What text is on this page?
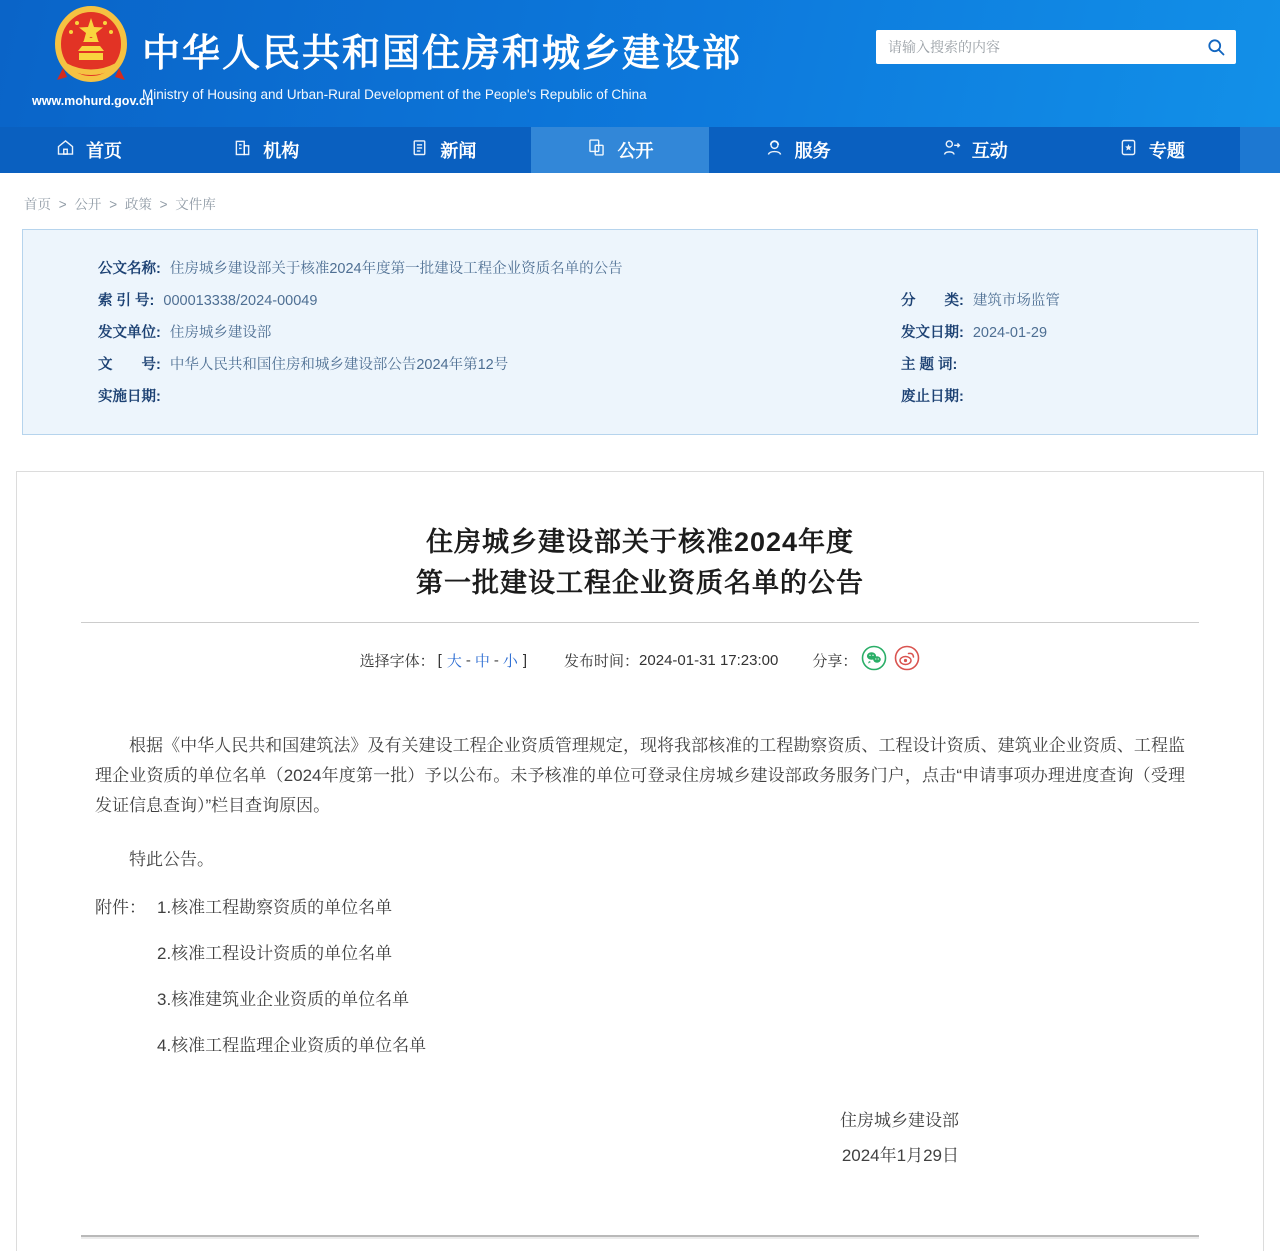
www.mohurd.gov.cn
中华人民共和国住房和城乡建设部
Ministry of Housing and Urban-Rural Development of the People's Republic of China
请输入搜索的内容
首页	机构	新闻	公开	服务	互动	专题
首页 > 公开 > 政策 > 文件库
公文名称: 住房城乡建设部关于核准2024年度第一批建设工程企业资质名单的公告
索 引 号: 000013338/2024-00049
发文单位: 住房城乡建设部
文　　号: 中华人民共和国住房和城乡建设部公告2024年第12号
实施日期:
分　　类: 建筑市场监管
发文日期: 2024-01-29
主 题 词:
废止日期:
住房城乡建设部关于核准2024年度
第一批建设工程企业资质名单的公告
选择字体： [ 大 - 中 - 小 ] 发布时间： 2024-01-31 17:23:00 分享：

根据《中华人民共和国建筑法》及有关建设工程企业资质管理规定，现将我部核准的工程勘察资质、工程设计资质、建筑业企业资质、工程监理企业资质的单位名单（2024年度第一批）予以公布。未予核准的单位可登录住房城乡建设部政务服务门户，点击“申请事项办理进度查询（受理发证信息查询）”栏目查询原因。

特此公告。

附件： 1.核准工程勘察资质的单位名单
2.核准工程设计资质的单位名单
3.核准建筑业企业资质的单位名单
4.核准工程监理企业资质的单位名单
住房城乡建设部
2024年1月29日
